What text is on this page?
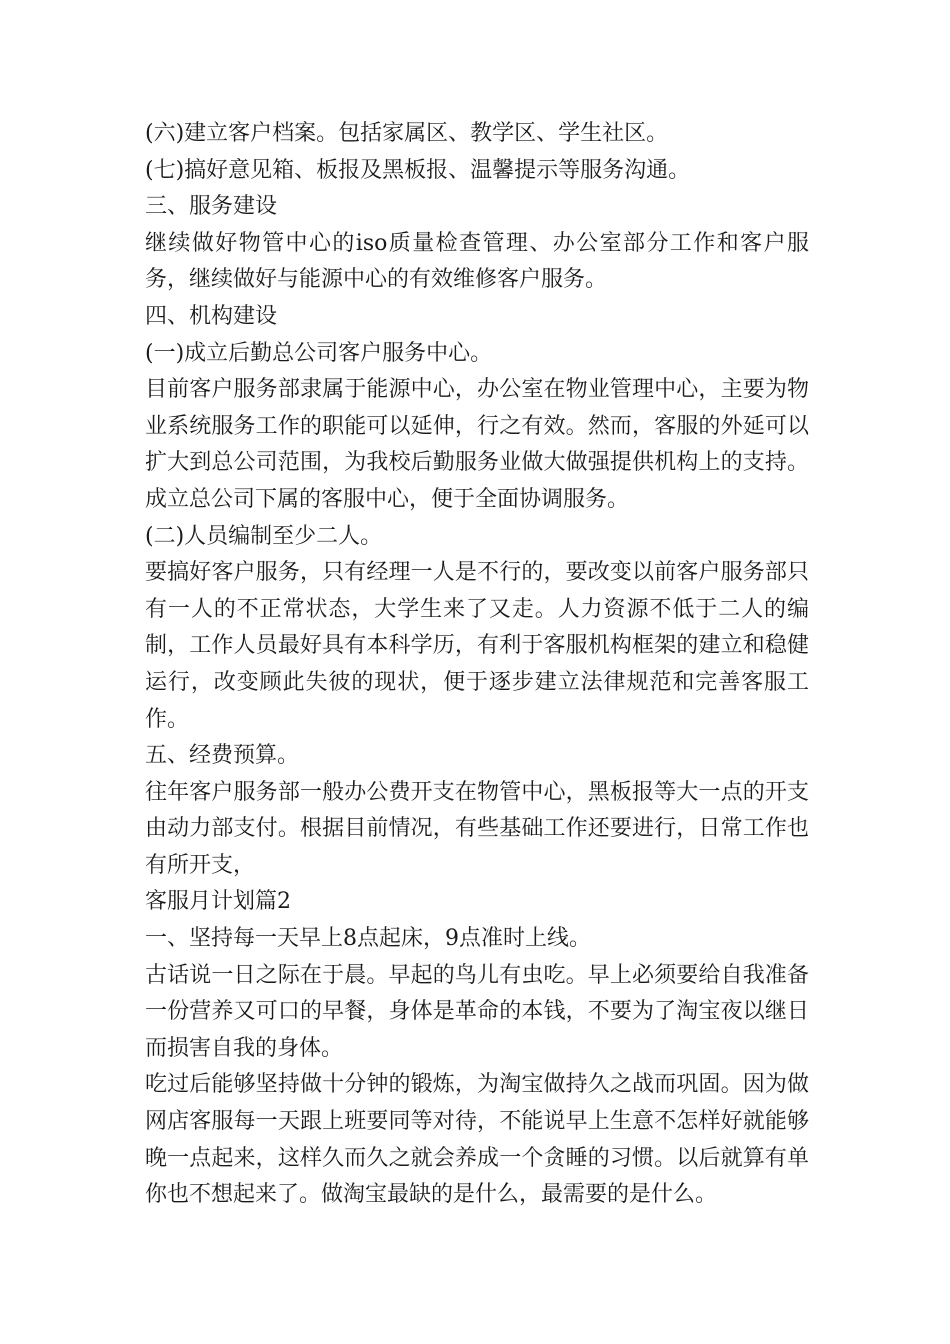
(六)建立客户档案。包括家属区、教学区、学生社区。

(七)搞好意见箱、板报及黑板报、温馨提示等服务沟通。

三、服务建设

继续做好物管中心的iso质量检查管理、办公室部分工作和客户服务，继续做好与能源中心的有效维修客户服务。

四、机构建设

(一)成立后勤总公司客户服务中心。

目前客户服务部隶属于能源中心，办公室在物业管理中心，主要为物业系统服务工作的职能可以延伸，行之有效。然而，客服的外延可以扩大到总公司范围，为我校后勤服务业做大做强提供机构上的支持。成立总公司下属的客服中心，便于全面协调服务。

(二)人员编制至少二人。

要搞好客户服务，只有经理一人是不行的，要改变以前客户服务部只有一人的不正常状态，大学生来了又走。人力资源不低于二人的编制，工作人员最好具有本科学历，有利于客服机构框架的建立和稳健运行，改变顾此失彼的现状，便于逐步建立法律规范和完善客服工作。

五、经费预算。

往年客户服务部一般办公费开支在物管中心，黑板报等大一点的开支由动力部支付。根据目前情况，有些基础工作还要进行，日常工作也有所开支，

客服月计划篇2

一、坚持每一天早上8点起床，9点准时上线。

古话说一日之际在于晨。早起的鸟儿有虫吃。早上必须要给自我准备一份营养又可口的早餐，身体是革命的本钱，不要为了淘宝夜以继日而损害自我的身体。

吃过后能够坚持做十分钟的锻炼，为淘宝做持久之战而巩固。因为做网店客服每一天跟上班要同等对待，不能说早上生意不怎样好就能够晚一点起来，这样久而久之就会养成一个贪睡的习惯。以后就算有单你也不想起来了。做淘宝最缺的是什么，最需要的是什么。
